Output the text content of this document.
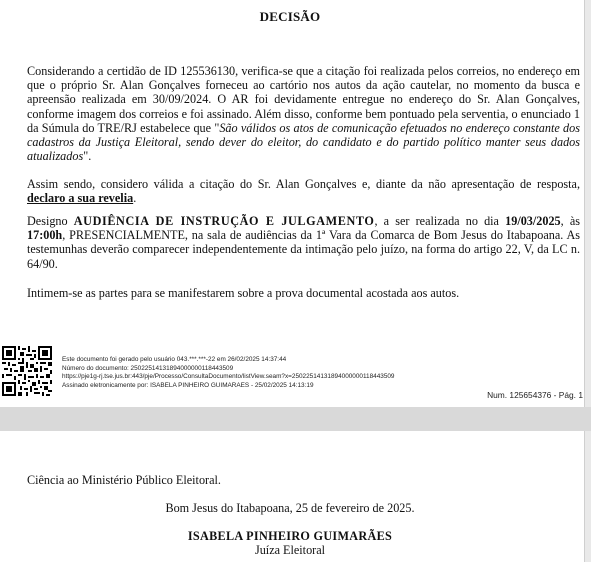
DECISÃO
Considerando a certidão de ID 125536130, verifica-se que a citação foi realizada pelos correios, no endereço em que o próprio Sr. Alan Gonçalves forneceu ao cartório nos autos da ação cautelar, no momento da busca e apreensão realizada em 30/09/2024. O AR foi devidamente entregue no endereço do Sr. Alan Gonçalves, conforme imagem dos correios e foi assinado. Além disso, conforme bem pontuado pela serventia, o enunciado 1 da Súmula do TRE/RJ estabelece que "São válidos os atos de comunicação efetuados no endereço constante dos cadastros da Justiça Eleitoral, sendo dever do eleitor, do candidato e do partido político manter seus dados atualizados".
Assim sendo, considero válida a citação do Sr. Alan Gonçalves e, diante da não apresentação de resposta, declaro a sua revelia.
Designo AUDIÊNCIA DE INSTRUÇÃO E JULGAMENTO, a ser realizada no dia 19/03/2025, às 17:00h, PRESENCIALMENTE, na sala de audiências da 1ª Vara da Comarca de Bom Jesus do Itabapoana. As testemunhas deverão comparecer independentemente da intimação pelo juízo, na forma do artigo 22, V, da LC n. 64/90.
Intimem-se as partes para se manifestarem sobre a prova documental acostada aos autos.
Este documento foi gerado pelo usuário 043.***.***-22 em 26/02/2025 14:37:44
Número do documento: 25022514131894000000118443509
https://pje1g-rj.tse.jus.br:443/pje/Processo/ConsultaDocumento/listView.seam?x=25022514131894000000118443509
Assinado eletronicamente por: ISABELA PINHEIRO GUIMARAES - 25/02/2025 14:13:19
Num. 125654376 - Pág. 1
Ciência ao Ministério Público Eleitoral.
Bom Jesus do Itabapoana, 25 de fevereiro de 2025.
ISABELA PINHEIRO GUIMARÃES
Juíza Eleitoral
